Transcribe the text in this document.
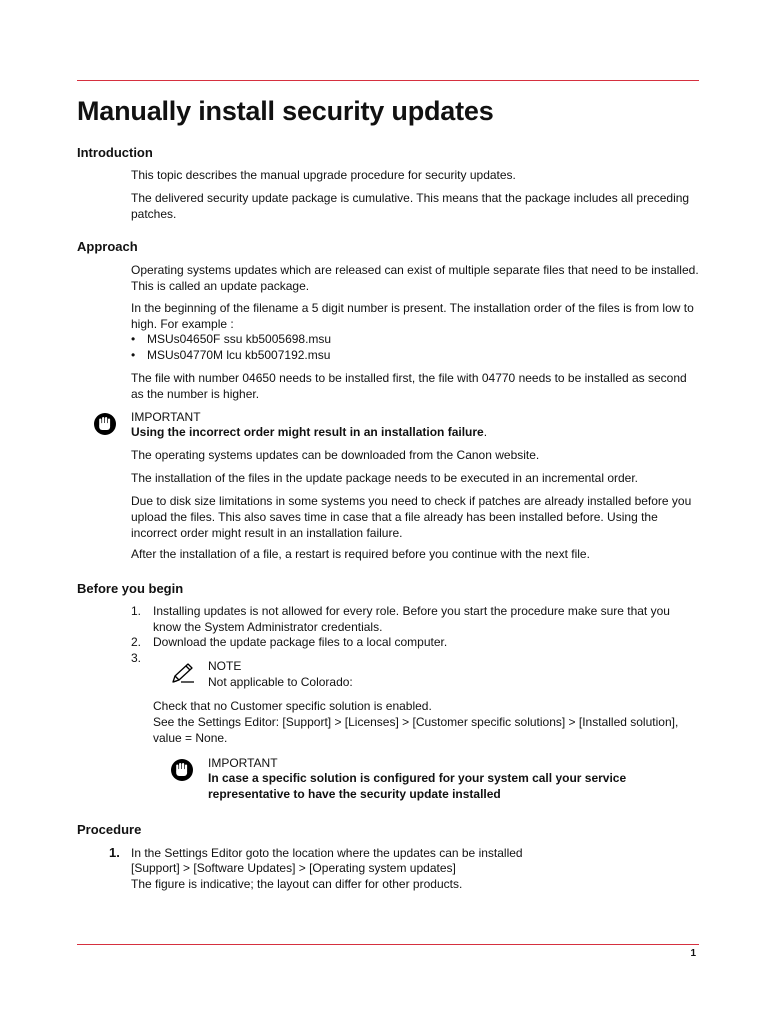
Manually install security updates
Introduction

This topic describes the manual upgrade procedure for security updates.

The delivered security update package is cumulative. This means that the package includes all preceding patches.

Approach

Operating systems updates which are released can exist of multiple separate files that need to be installed. This is called an update package.

In the beginning of the filename a 5 digit number is present. The installation order of the files is from low to high. For example :

• MSUs04650F ssu kb5005698.msu

• MSUs04770M lcu kb5007192.msu

The file with number 04650 needs to be installed first, the file with 04770 needs to be installed as second as the number is higher.

IMPORTANT

Using the incorrect order might result in an installation failure.

The operating systems updates can be downloaded from the Canon website.

The installation of the files in the update package needs to be executed in an incremental order.

Due to disk size limitations in some systems you need to check if patches are already installed before you upload the files. This also saves time in case that a file already has been installed before. Using the incorrect order might result in an installation failure.

After the installation of a file, a restart is required before you continue with the next file.

Before you begin
1. Installing updates is not allowed for every role. Before you start the procedure make sure that you know the System Administrator credentials.
2. Download the update package files to a local computer.
3.

NOTE

Not applicable to Colorado:

Check that no Customer specific solution is enabled.

See the Settings Editor: [Support] > [Licenses] > [Customer specific solutions] > [Installed solution], value = None.

IMPORTANT

In case a specific solution is configured for your system call your service representative to have the security update installed

Procedure
1. In the Settings Editor goto the location where the updates can be installed

[Support] > [Software Updates] > [Operating system updates]

The figure is indicative; the layout can differ for other products.

1
